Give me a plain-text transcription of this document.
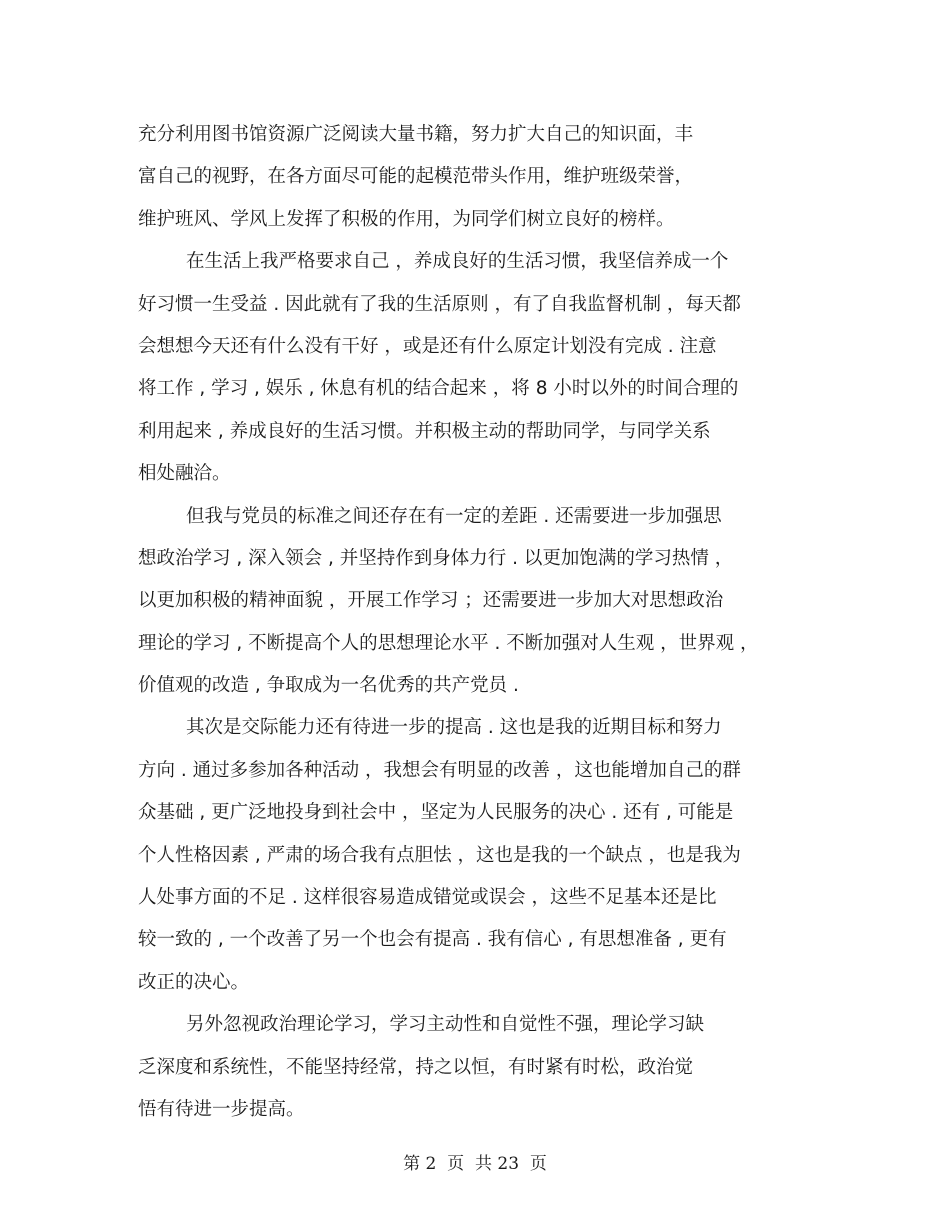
充分利用图书馆资源广泛阅读大量书籍，努力扩大自己的知识面，丰
富自己的视野，在各方面尽可能的起模范带头作用，维护班级荣誉，
维护班风、学风上发挥了积极的作用，为同学们树立良好的榜样。
在生活上我严格要求自己 ，养成良好的生活习惯，我坚信养成一个
好习惯一生受益 . 因此就有了我的生活原则 ，有了自我监督机制 ，每天都
会想想今天还有什么没有干好 ，或是还有什么原定计划没有完成 . 注意
将工作 , 学习 , 娱乐 , 休息有机的结合起来 ，将 8 小时以外的时间合理的
利用起来 , 养成良好的生活习惯。并积极主动的帮助同学，与同学关系
相处融洽。
但我与党员的标准之间还存在有一定的差距 . 还需要进一步加强思
想政治学习 , 深入领会 , 并坚持作到身体力行 . 以更加饱满的学习热情 ，
以更加积极的精神面貌 ，开展工作学习 ；还需要进一步加大对思想政治
理论的学习 , 不断提高个人的思想理论水平 . 不断加强对人生观 ，世界观 ，
价值观的改造 , 争取成为一名优秀的共产党员 .
其次是交际能力还有待进一步的提高 . 这也是我的近期目标和努力
方向 . 通过多参加各种活动 ，我想会有明显的改善 ，这也能增加自己的群
众基础 , 更广泛地投身到社会中 ，坚定为人民服务的决心 . 还有 , 可能是
个人性格因素 , 严肃的场合我有点胆怯 ，这也是我的一个缺点 ，也是我为
人处事方面的不足 . 这样很容易造成错觉或误会 ，这些不足基本还是比
较一致的 , 一个改善了另一个也会有提高 . 我有信心 , 有思想准备 , 更有
改正的决心。
另外忽视政治理论学习，学习主动性和自觉性不强，理论学习缺
乏深度和系统性，不能坚持经常，持之以恒，有时紧有时松，政治觉
悟有待进一步提高。
第 2  页  共 23  页
